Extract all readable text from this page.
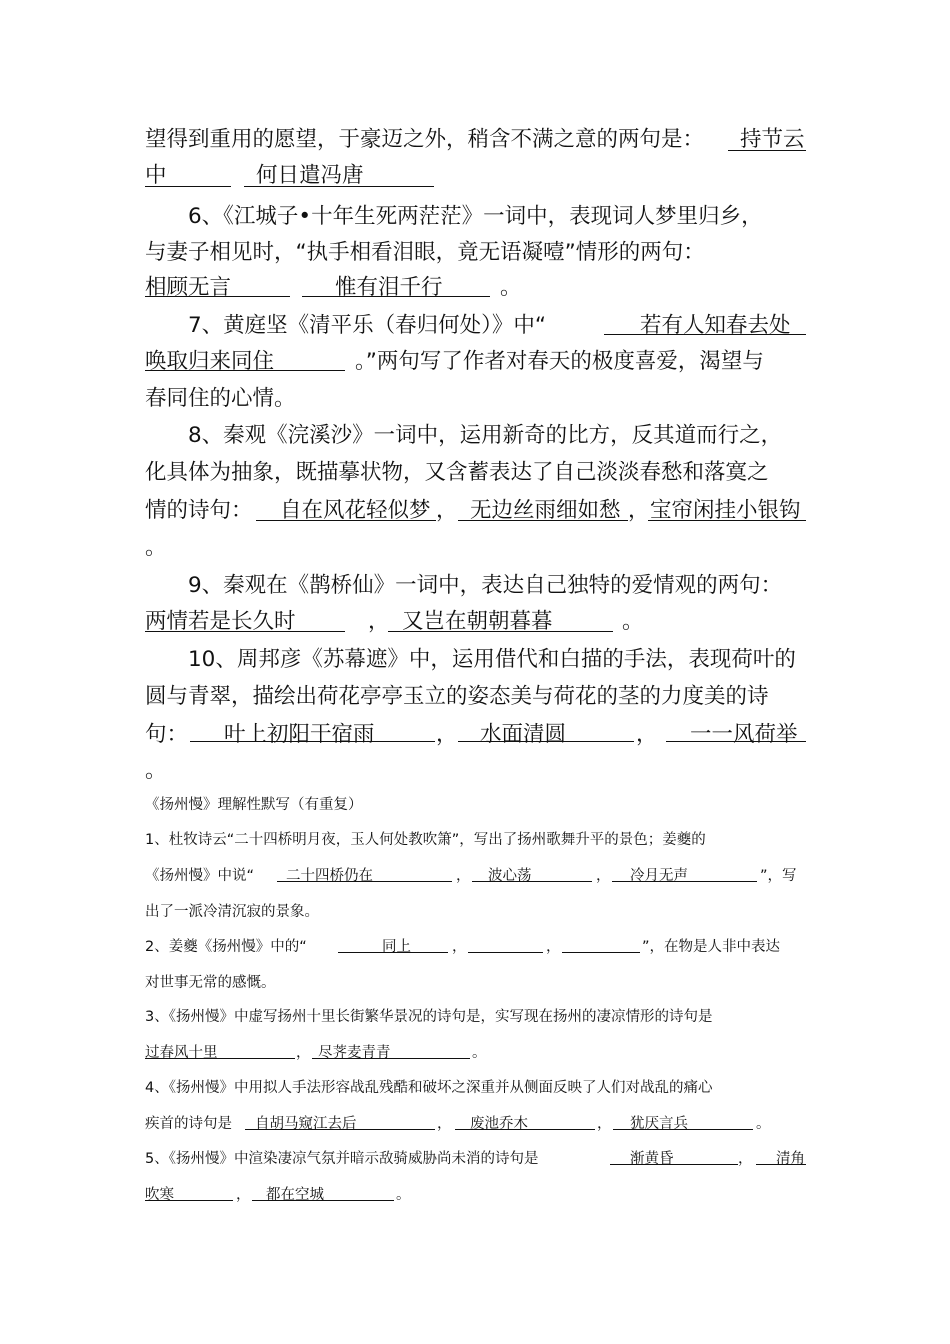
望得到重用的愿望，于豪迈之外，稍含不满之意的两句是： 持节云
中	何日遣冯唐
6、《江城子•十年生死两茫茫》一词中，表现词人梦里归乡，
与妻子相见时，“执手相看泪眼，竟无语凝噎”情形的两句：
相顾无言	惟有泪千行	。
7、黄庭坚《清平乐（春归何处）》中“	若有人知春去处
唤取归来同住	。”两句写了作者对春天的极度喜爱，渴望与
春同住的心情。
8、秦观《浣溪沙》一词中，运用新奇的比方，反其道而行之，
化具体为抽象，既描摹状物，又含蓄表达了自己淡淡春愁和落寞之
情的诗句： 自在风花轻似梦 ， 无边丝雨细如愁 ， 宝帘闲挂小银钩
。
9、秦观在《鹊桥仙》一词中，表达自己独特的爱情观的两句：
两情若是长久时	， 又岂在朝朝暮暮	。
10、周邦彦《苏幕遮》中，运用借代和白描的手法，表现荷叶的
圆与青翠，描绘出荷花亭亭玉立的姿态美与荷花的茎的力度美的诗
句： 叶上初阳干宿雨	， 水面清圆	， 一一风荷举
。
《扬州慢》理解性默写（有重复）
1、杜牧诗云“二十四桥明月夜，玉人何处教吹箫”，写出了扬州歌舞升平的景色；姜夔的
《扬州慢》中说“ 二十四桥仍在	， 波心荡	， 冷月无声	”，写
出了一派冷清沉寂的景象。
2、姜夔《扬州慢》中的“	同上	，	，	”，在物是人非中表达
对世事无常的感慨。
3、《扬州慢》中虚写扬州十里长街繁华景况的诗句是，实写现在扬州的凄凉情形的诗句是
过春风十里	， 尽荠麦青青	。
4、《扬州慢》中用拟人手法形容战乱残酷和破坏之深重并从侧面反映了人们对战乱的痛心
疾首的诗句是 自胡马窥江去后	， 废池乔木	， 犹厌言兵	。
5、《扬州慢》中渲染凄凉气氛并暗示敌骑威胁尚未消的诗句是	渐黄昏	， 清角
吹寒	， 都在空城	。
